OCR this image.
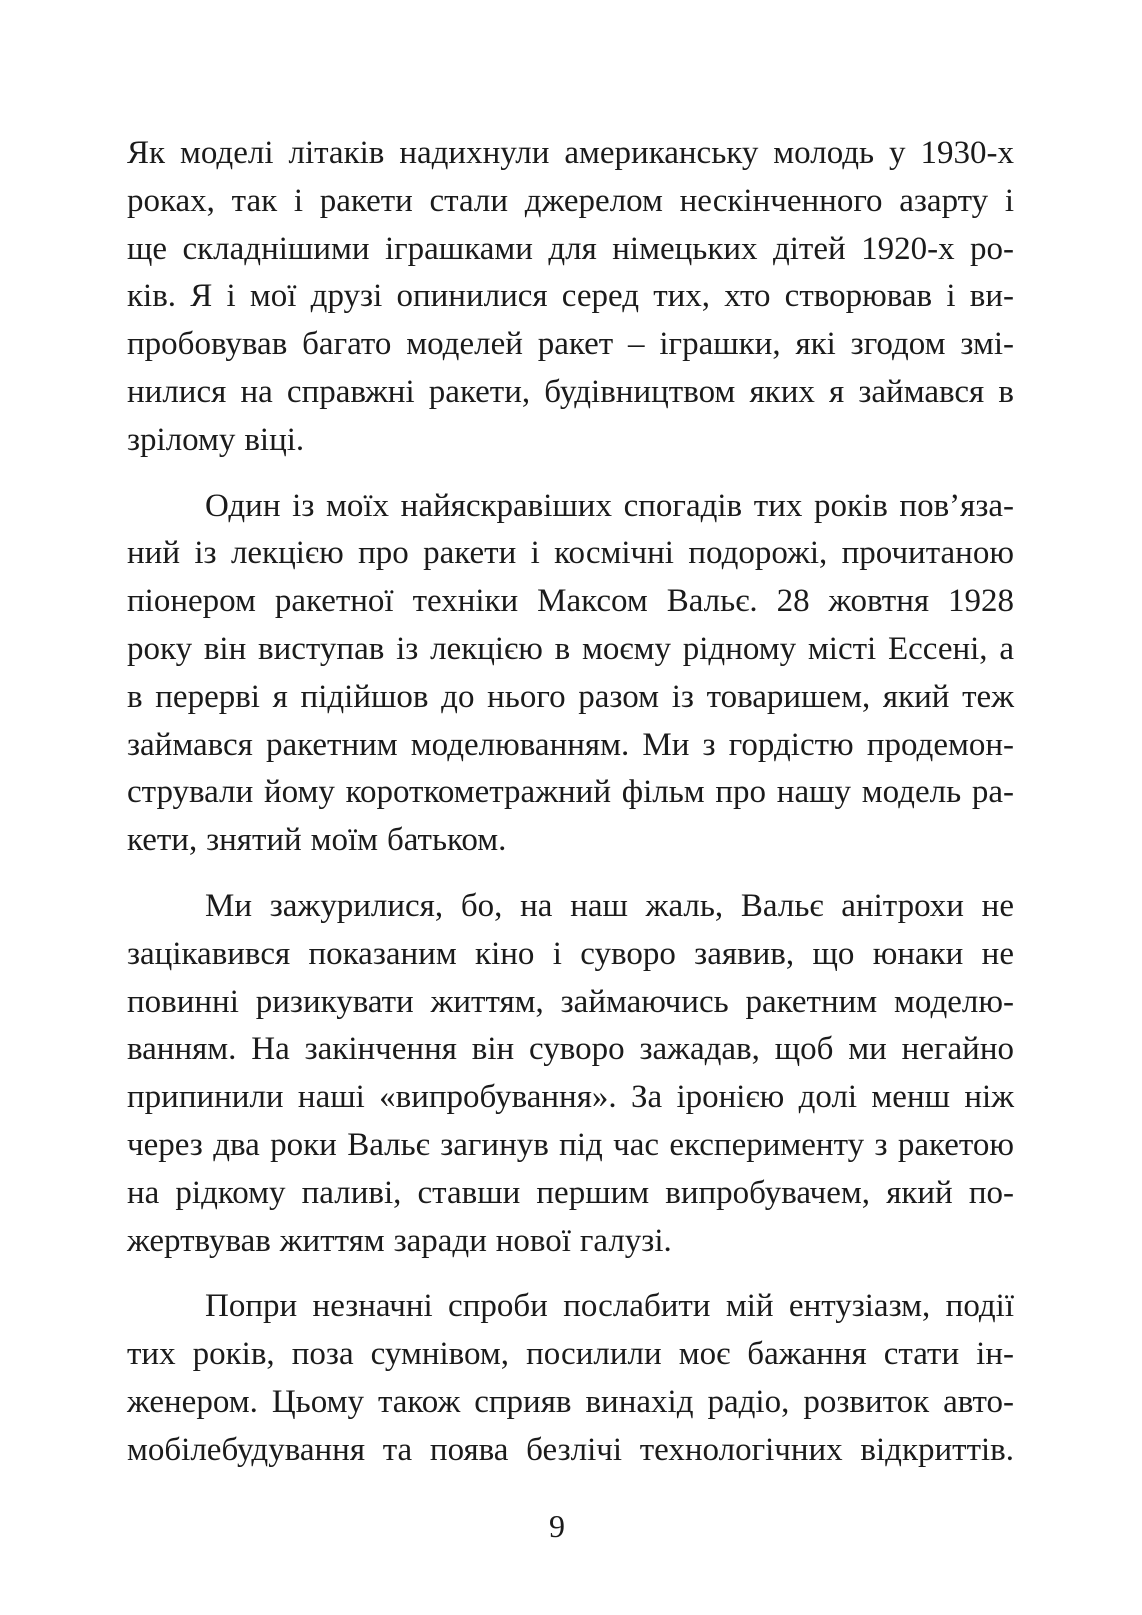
Як моделі літаків надихнули американську молодь у 1930-х
роках, так і ракети стали джерелом нескінченного азарту і
ще складнішими іграшками для німецьких дітей 1920-х ро-
ків. Я і мої друзі опинилися серед тих, хто створював і ви-
пробовував багато моделей ракет – іграшки, які згодом змі-
нилися на справжні ракети, будівництвом яких я займався в
зрілому віці.
Один із моїх найяскравіших спогадів тих років пов’яза-
ний із лекцією про ракети і космічні подорожі, прочитаною
піонером ракетної техніки Максом Вальє. 28 жовтня 1928
року він виступав із лекцією в моєму рідному місті Ессені, а
в перерві я підійшов до нього разом із товаришем, який теж
займався ракетним моделюванням. Ми з гордістю продемон-
стрували йому короткометражний фільм про нашу модель ра-
кети, знятий моїм батьком.
Ми зажурилися, бо, на наш жаль, Вальє анітрохи не
зацікавився показаним кіно і суворо заявив, що юнаки не
повинні ризикувати життям, займаючись ракетним моделю-
ванням. На закінчення він суворо зажадав, щоб ми негайно
припинили наші «випробування». За іронією долі менш ніж
через два роки Вальє загинув під час експерименту з ракетою
на рідкому паливі, ставши першим випробувачем, який по-
жертвував життям заради нової галузі.
Попри незначні спроби послабити мій ентузіазм, події
тих років, поза сумнівом, посилили моє бажання стати ін-
женером. Цьому також сприяв винахід радіо, розвиток авто-
мобілебудування та поява безлічі технологічних відкриттів.
9
